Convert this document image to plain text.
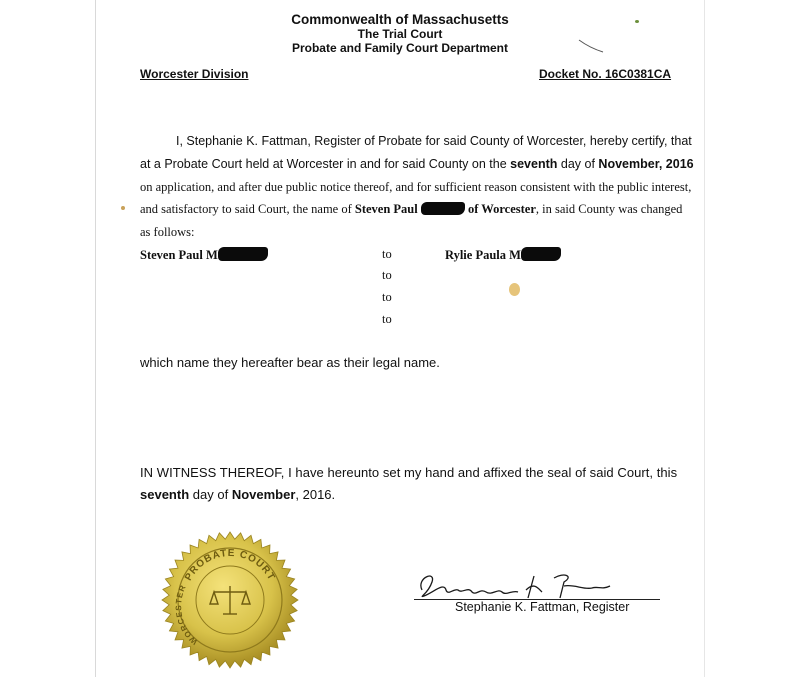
Commonwealth of Massachusetts
The Trial Court
Probate and Family Court Department
Worcester Division	Docket No. 16C0381CA
I, Stephanie K. Fattman, Register of Probate for said County of Worcester, hereby certify, that
at a Probate Court held at Worcester in and for said County on the seventh day of November, 2016
on application, and after due public notice thereof, and for sufficient reason consistent with the public interest,
and satisfactory to said Court, the name of Steven Paul	of Worcester, in said County was changed
as follows:
Steven Paul M	to	Rylie Paula M
to
to
to
which name they hereafter bear as their legal name.
IN WITNESS THEREOF, I have hereunto set my hand and affixed the seal of said Court, this
seventh day of November, 2016.
PROBATE COURT
WORCESTER
Stephanie K. Fattman, Register
